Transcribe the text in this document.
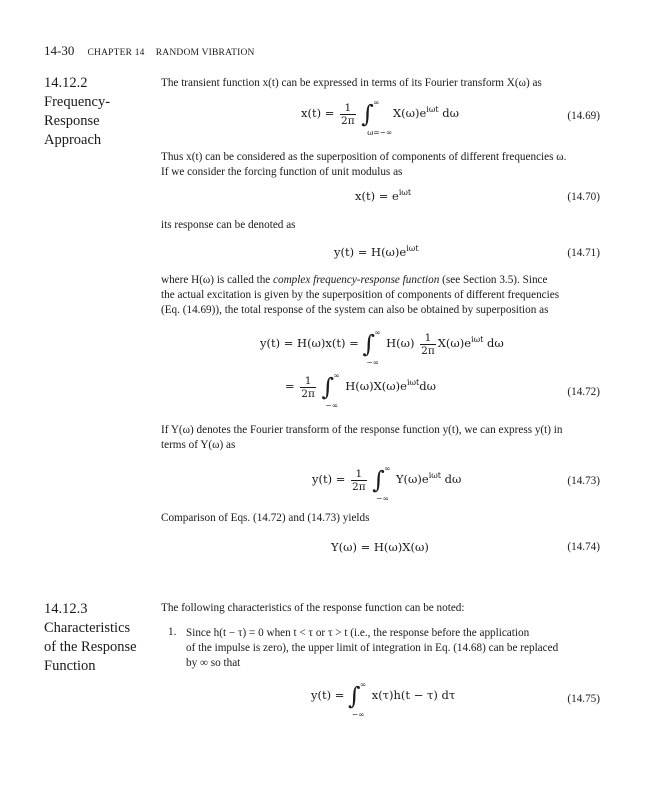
14-30 CHAPTER 14 RANDOM VIBRATION
14.12.2
Frequency-
Response
Approach
The transient function x(t) can be expressed in terms of its Fourier transform X(ω) as
$x(t) = \frac{1}{2\pi}$ ∫ ∞
ω=−∞
$X(\omega)e^{i\omega t}$ dω	(14.69)
Thus x(t) can be considered as the superposition of components of different frequencies ω.
If we consider the forcing function of unit modulus as
$x(t) = e^{i\omega t}$	(14.70)
its response can be denoted as
$y(t) = H(\omega)e^{i\omega t}$	(14.71)
where H(ω) is called the complex frequency-response function (see Section 3.5). Since
the actual excitation is given by the superposition of components of different frequencies
(Eq. (14.69)), the total response of the system can also be obtained by superposition as
y(t) = H(ω)x(t) = ∫ ∞
−∞
$H(\omega) \frac{1}{2\pi} X(\omega)e^{i\omega t}$ dω
= $\frac{1}{2\pi}$ ∫ ∞
−∞
$H(\omega)X(\omega)e^{i\omega t}d\omega$	(14.72)
If Y(ω) denotes the Fourier transform of the response function y(t), we can express y(t) in
terms of Y(ω) as
$y(t) = \frac{1}{2\pi}$ ∫ ∞
−∞
$Y(\omega)e^{i\omega t}$ dω	(14.73)
Comparison of Eqs. (14.72) and (14.73) yields
Y(ω) = H(ω)X(ω)	(14.74)
14.12.3
Characteristics
of the Response
Function
The following characteristics of the response function can be noted:
1. Since h(t − τ) = 0 when t < τ or τ > t (i.e., the response before the application
of the impulse is zero), the upper limit of integration in Eq. (14.68) can be replaced
by ∞ so that
y(t) = ∫ ∞
−∞
x(τ)h(t − τ) dτ	(14.75)
